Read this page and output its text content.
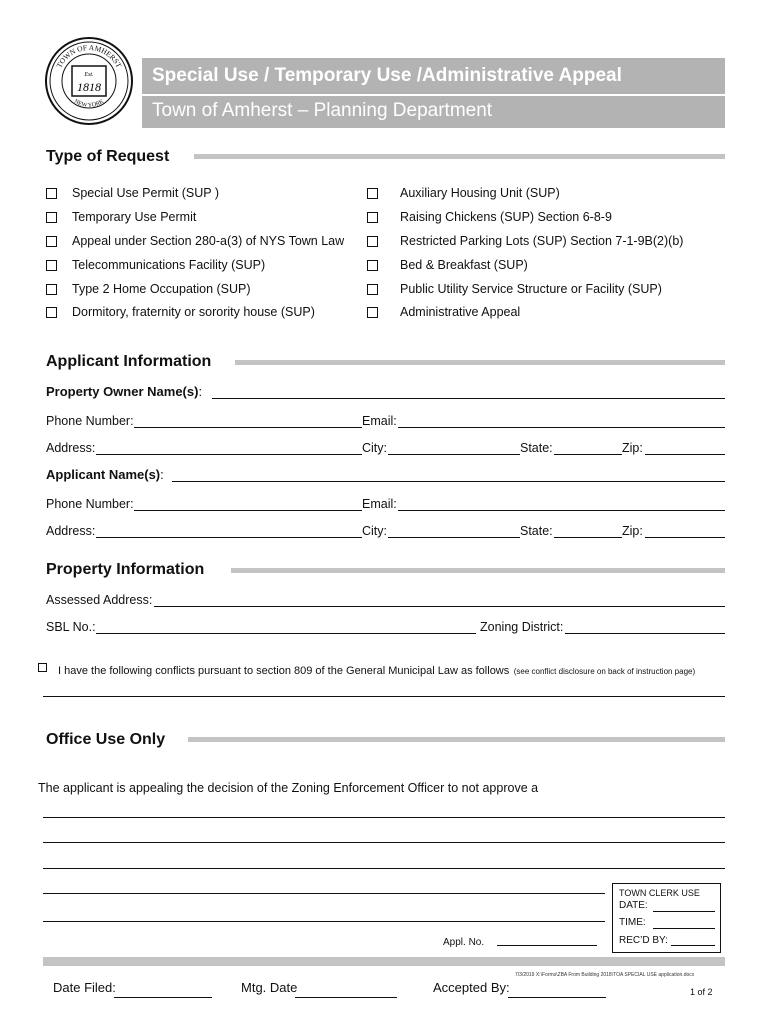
TOWN OF AMHERST
NEW YORK
Est.
1818
Special Use / Temporary Use /Administrative Appeal
Town of Amherst – Planning Department
Type of Request
Special Use Permit (SUP )
Temporary Use Permit
Appeal under Section 280-a(3) of NYS Town Law
Telecommunications Facility (SUP)
Type 2 Home Occupation (SUP)
Dormitory, fraternity or sorority house (SUP)
Auxiliary Housing Unit (SUP)
Raising Chickens (SUP) Section 6-8-9
Restricted Parking Lots (SUP) Section 7-1-9B(2)(b)
Bed & Breakfast (SUP)
Public Utility Service Structure or Facility (SUP)
Administrative Appeal
Applicant Information
Property Owner Name(s):
Phone Number:	Email:
Address:	City:	State:	Zip:
Applicant Name(s):
Phone Number:	Email:
Address:	City:	State:	Zip:
Property Information
Assessed Address:
SBL No.:	Zoning District:
I have the following conflicts pursuant to section 809 of the General Municipal Law as follows (see conflict disclosure on back of instruction page)
Office Use Only
The applicant is appealing the decision of the Zoning Enforcement Officer to not approve a
TOWN CLERK USE
DATE:
TIME:
REC’D BY:
Appl. No.
7/3/2019 X:\Forms\ZBA From Building 2018\TOA SPECIAL USE application.docx
Date Filed:	Mtg. Date	Accepted By:	1 of 2
